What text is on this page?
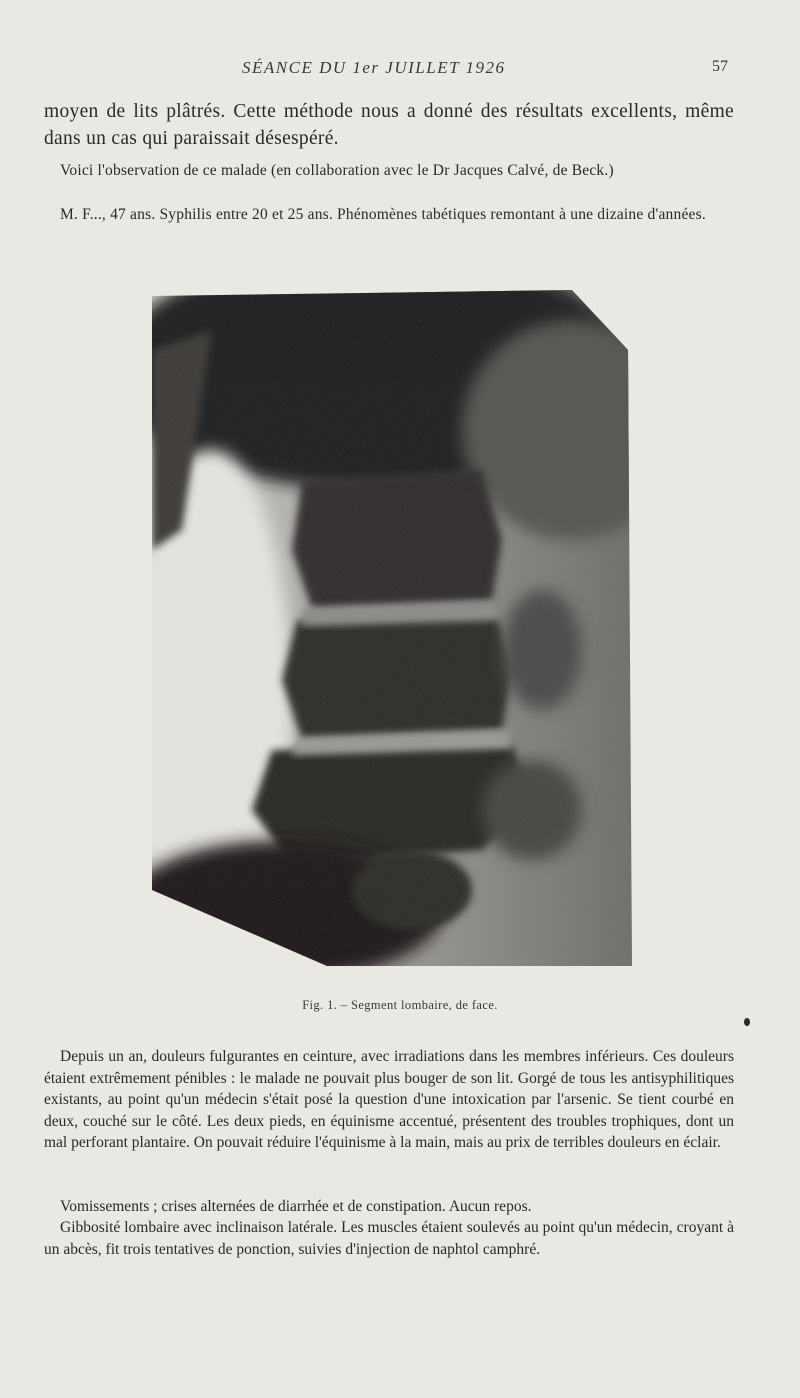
SÉANCE DU 1er JUILLET 1926	57

moyen de lits plâtrés. Cette méthode nous a donné des résultats excellents, même dans un cas qui paraissait désespéré.

Voici l'observation de ce malade (en collaboration avec le Dr Jacques Calvé, de Beck.)

M. F..., 47 ans. Syphilis entre 20 et 25 ans. Phénomènes tabétiques remontant à une dizaine d'années.

Fig. 1. – Segment lombaire, de face.

Depuis un an, douleurs fulgurantes en ceinture, avec irradiations dans les membres inférieurs. Ces douleurs étaient extrêmement pénibles : le malade ne pouvait plus bouger de son lit. Gorgé de tous les antisyphilitiques existants, au point qu'un médecin s'était posé la question d'une intoxication par l'arsenic. Se tient courbé en deux, couché sur le côté. Les deux pieds, en équinisme accentué, présentent des troubles trophiques, dont un mal perforant plantaire. On pouvait réduire l'équinisme à la main, mais au prix de terribles douleurs en éclair.

Vomissements ; crises alternées de diarrhée et de constipation. Aucun repos.

Gibbosité lombaire avec inclinaison latérale. Les muscles étaient soulevés au point qu'un médecin, croyant à un abcès, fit trois tentatives de ponction, suivies d'injection de naphtol camphré.
